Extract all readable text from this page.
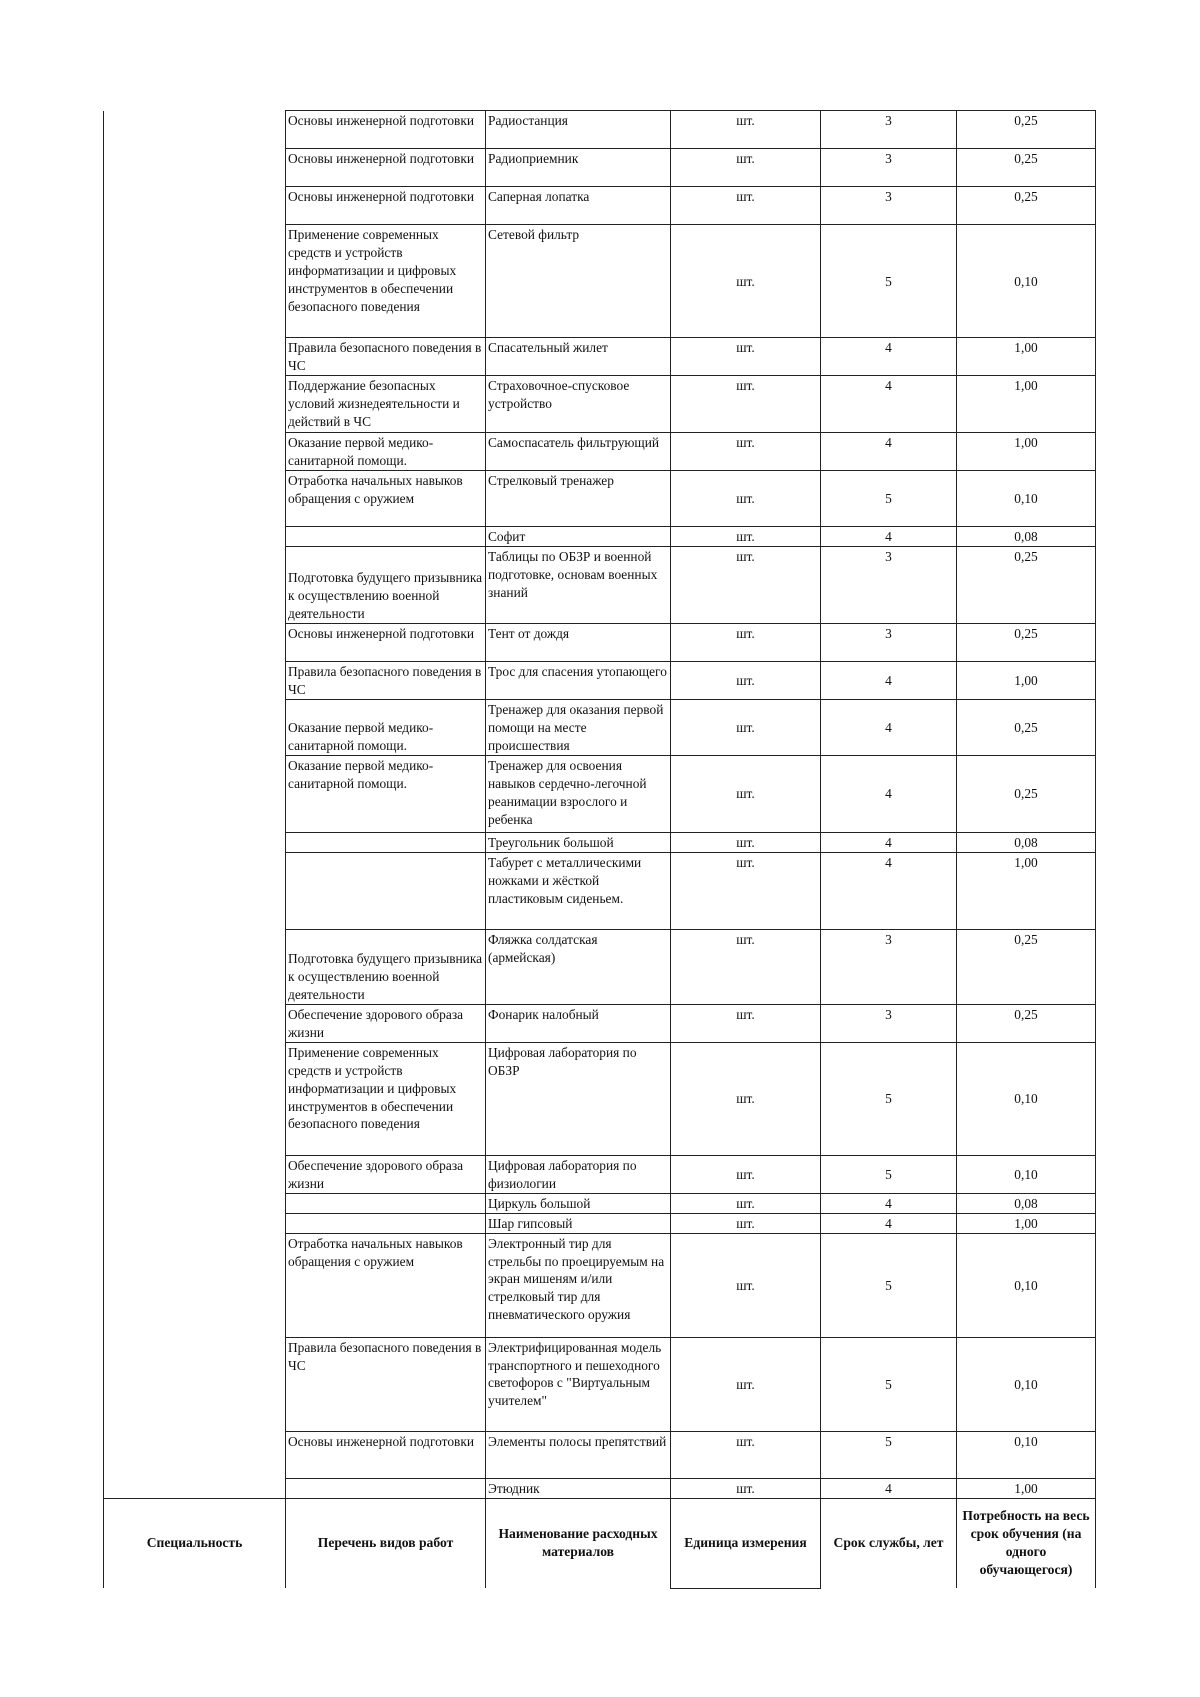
	Основы инженерной подготовки	Радиостанция	шт.	3	0,25
	Основы инженерной подготовки	Радиоприемник	шт.	3	0,25
	Основы инженерной подготовки	Саперная лопатка	шт.	3	0,25
	Применение современных средств и устройств информатизации и цифровых инструментов в обеспечении безопасного поведения	Сетевой фильтр	шт.	5	0,10
	Правила безопасного поведения в ЧС	Спасательный жилет	шт.	4	1,00
	Поддержание безопасных условий жизнедеятельности и действий в ЧС	Страховочное-спусковое устройство	шт.	4	1,00
	Оказание первой медико-санитарной помощи.	Самоспасатель фильтрующий	шт.	4	1,00
	Отработка начальных навыков обращения с оружием	Стрелковый тренажер	шт.	5	0,10
		Софит	шт.	4	0,08
	Подготовка будущего призывника к осуществлению военной деятельности	Таблицы по ОБЗР и военной подготовке, основам военных знаний	шт.	3	0,25
	Основы инженерной подготовки	Тент от дождя	шт.	3	0,25
	Правила безопасного поведения в ЧС	Трос для спасения утопающего	шт.	4	1,00
	Оказание первой медико-санитарной помощи.	Тренажер для оказания первой помощи на месте происшествия	шт.	4	0,25
	Оказание первой медико-санитарной помощи.	Тренажер для освоения навыков сердечно-легочной реанимации взрослого и ребенка	шт.	4	0,25
		Треугольник большой	шт.	4	0,08
		Табурет с металлическими ножками и жёсткой пластиковым сиденьем.	шт.	4	1,00
	Подготовка будущего призывника к осуществлению военной деятельности	Фляжка солдатская (армейская)	шт.	3	0,25
	Обеспечение здорового образа жизни	Фонарик налобный	шт.	3	0,25
	Применение современных средств и устройств информатизации и цифровых инструментов в обеспечении безопасного поведения	Цифровая лаборатория по ОБЗР	шт.	5	0,10
	Обеспечение здорового образа жизни	Цифровая лаборатория по физиологии	шт.	5	0,10
		Циркуль большой	шт.	4	0,08
		Шар гипсовый	шт.	4	1,00
	Отработка начальных навыков обращения с оружием	Электронный тир для стрельбы по проецируемым на экран мишеням и/или стрелковый тир для пневматического оружия	шт.	5	0,10
	Правила безопасного поведения в ЧС	Электрифицированная модель транспортного и пешеходного светофоров с "Виртуальным учителем"	шт.	5	0,10
	Основы инженерной подготовки	Элементы полосы препятствий	шт.	5	0,10
		Этюдник	шт.	4	1,00
Специальность	Перечень видов работ	Наименование расходных материалов	Единица измерения	Срок службы, лет	Потребность на весь срок обучения (на одного обучающегося)
